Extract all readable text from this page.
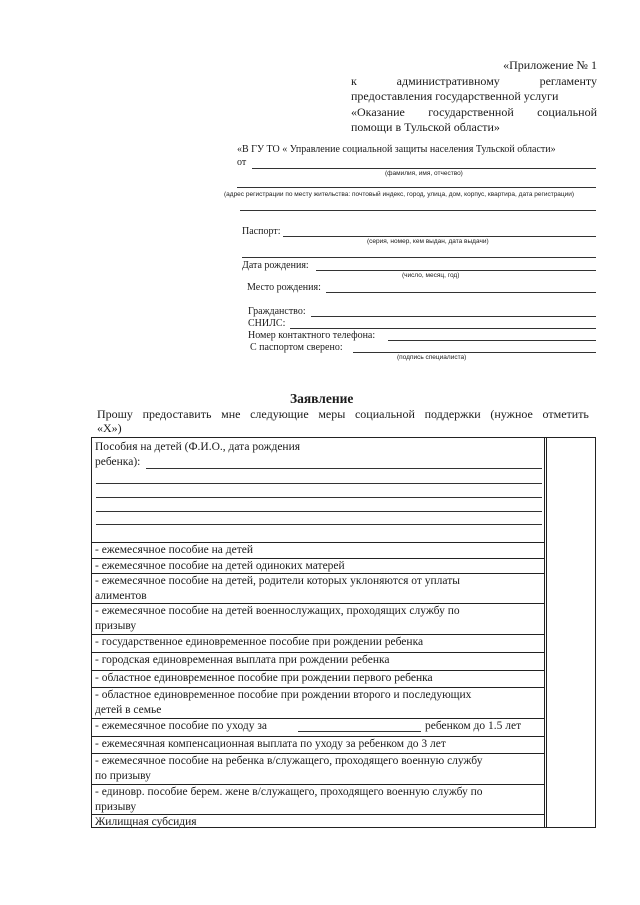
«Приложение № 1
к	административному	регламенту
предоставления государственной услуги
«Оказание государственной социальной
помощи в Тульской области»
«В ГУ ТО « Управление социальной защиты населения Тульской области»
от
(фамилия, имя, отчество)
(адрес регистрации по месту жительства: почтовый индекс, город, улица, дом, корпус, квартира, дата регистрации)
Паспорт:
(серия, номер, кем выдан, дата выдачи)
Дата рождения:
(число, месяц, год)
Место рождения:
Гражданство:
СНИЛС:
Номер контактного телефона:
С паспортом сверено:
(подпись специалиста)
Заявление
Прошу предоставить мне следующие меры социальной поддержки (нужное отметить
«Х»)
Пособия на детей (Ф.И.О., дата рождения
ребенка):
- ежемесячное пособие на детей
- ежемесячное пособие на детей одиноких матерей
- ежемесячное пособие на детей, родители которых уклоняются от уплаты
алиментов
- ежемесячное пособие на детей военнослужащих, проходящих службу по
призыву
- государственное единовременное пособие при рождении ребенка
- городская единовременная выплата при рождении ребенка
- областное единовременное пособие при рождении первого ребенка
- областное единовременное пособие при рождении второго и последующих
детей в семье
- ежемесячное пособие по уходу за	ребенком до 1.5 лет
- ежемесячная компенсационная выплата по уходу за ребенком до 3 лет
- ежемесячное пособие на ребенка в/служащего, проходящего военную службу
по призыву
- единовр. пособие берем. жене в/служащего, проходящего военную службу по
призыву
Жилищная субсидия
